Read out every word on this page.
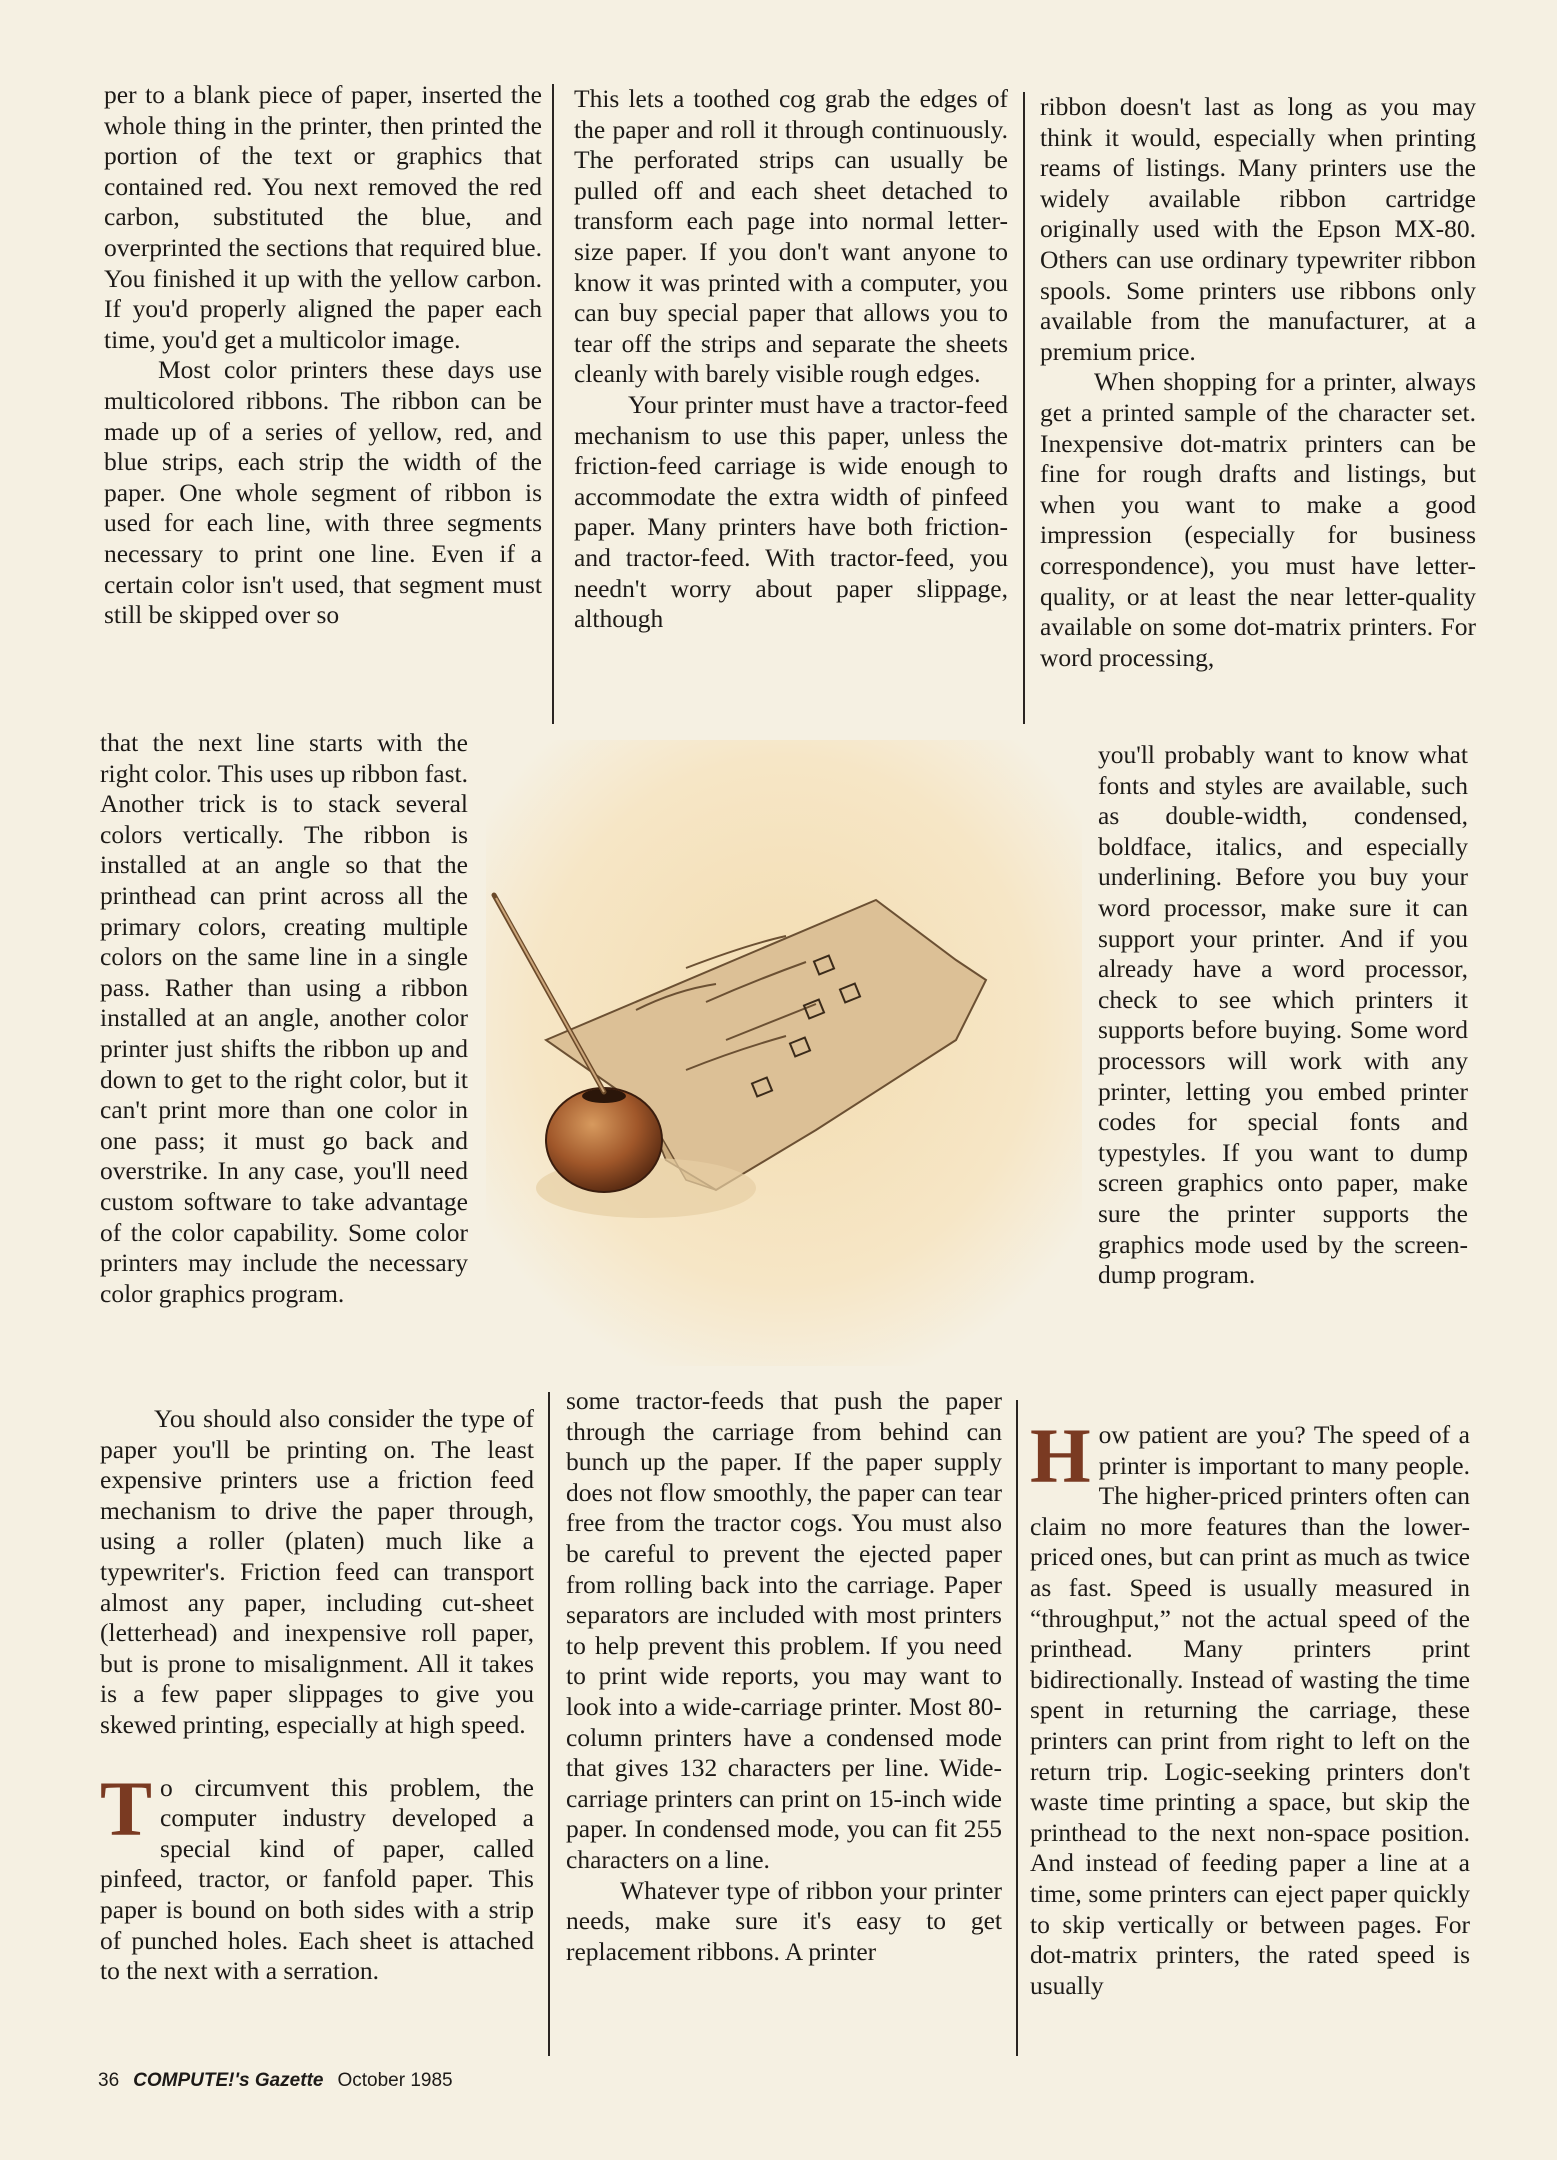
per to a blank piece of paper, inserted the whole thing in the printer, then printed the portion of the text or graphics that contained red. You next removed the red carbon, substituted the blue, and overprinted the sections that required blue. You finished it up with the yellow carbon. If you'd properly aligned the paper each time, you'd get a multicolor image.

Most color printers these days use multicolored ribbons. The ribbon can be made up of a series of yellow, red, and blue strips, each strip the width of the paper. One whole segment of ribbon is used for each line, with three segments necessary to print one line. Even if a certain color isn't used, that segment must still be skipped over so

that the next line starts with the right color. This uses up ribbon fast. Another trick is to stack several colors vertically. The ribbon is installed at an angle so that the printhead can print across all the primary colors, creating multiple colors on the same line in a single pass. Rather than using a ribbon installed at an angle, another color printer just shifts the ribbon up and down to get to the right color, but it can't print more than one color in one pass; it must go back and overstrike. In any case, you'll need custom software to take advantage of the color capability. Some color printers may include the necessary color graphics program.

You should also consider the type of paper you'll be printing on. The least expensive printers use a friction feed mechanism to drive the paper through, using a roller (platen) much like a typewriter's. Friction feed can transport almost any paper, including cut-sheet (letterhead) and inexpensive roll paper, but is prone to misalignment. All it takes is a few paper slippages to give you skewed printing, especially at high speed.

To circumvent this problem, the computer industry developed a special kind of paper, called pinfeed, tractor, or fanfold paper. This paper is bound on both sides with a strip of punched holes. Each sheet is attached to the next with a serration.

This lets a toothed cog grab the edges of the paper and roll it through continuously. The perforated strips can usually be pulled off and each sheet detached to transform each page into normal letter-size paper. If you don't want anyone to know it was printed with a computer, you can buy special paper that allows you to tear off the strips and separate the sheets cleanly with barely visible rough edges.

Your printer must have a tractor-feed mechanism to use this paper, unless the friction-feed carriage is wide enough to accommodate the extra width of pinfeed paper. Many printers have both friction- and tractor-feed. With tractor-feed, you needn't worry about paper slippage, although

some tractor-feeds that push the paper through the carriage from behind can bunch up the paper. If the paper supply does not flow smoothly, the paper can tear free from the tractor cogs. You must also be careful to prevent the ejected paper from rolling back into the carriage. Paper separators are included with most printers to help prevent this problem. If you need to print wide reports, you may want to look into a wide-carriage printer. Most 80-column printers have a condensed mode that gives 132 characters per line. Wide-carriage printers can print on 15-inch wide paper. In condensed mode, you can fit 255 characters on a line.

Whatever type of ribbon your printer needs, make sure it's easy to get replacement ribbons. A printer

ribbon doesn't last as long as you may think it would, especially when printing reams of listings. Many printers use the widely available ribbon cartridge originally used with the Epson MX-80. Others can use ordinary typewriter ribbon spools. Some printers use ribbons only available from the manufacturer, at a premium price.

When shopping for a printer, always get a printed sample of the character set. Inexpensive dot-matrix printers can be fine for rough drafts and listings, but when you want to make a good impression (especially for business correspondence), you must have letter-quality, or at least the near letter-quality available on some dot-matrix printers. For word processing,

you'll probably want to know what fonts and styles are available, such as double-width, condensed, boldface, italics, and especially underlining. Before you buy your word processor, make sure it can support your printer. And if you already have a word processor, check to see which printers it supports before buying. Some word processors will work with any printer, letting you embed printer codes for special fonts and typestyles. If you want to dump screen graphics onto paper, make sure the printer supports the graphics mode used by the screen-dump program.

How patient are you? The speed of a printer is important to many people. The higher-priced printers often can claim no more features than the lower-priced ones, but can print as much as twice as fast. Speed is usually measured in “throughput,” not the actual speed of the printhead. Many printers print bidirectionally. Instead of wasting the time spent in returning the carriage, these printers can print from right to left on the return trip. Logic-seeking printers don't waste time printing a space, but skip the printhead to the next non-space position. And instead of feeding paper a line at a time, some printers can eject paper quickly to skip vertically or between pages. For dot-matrix printers, the rated speed is usually

36 COMPUTE!'s Gazette October 1985
